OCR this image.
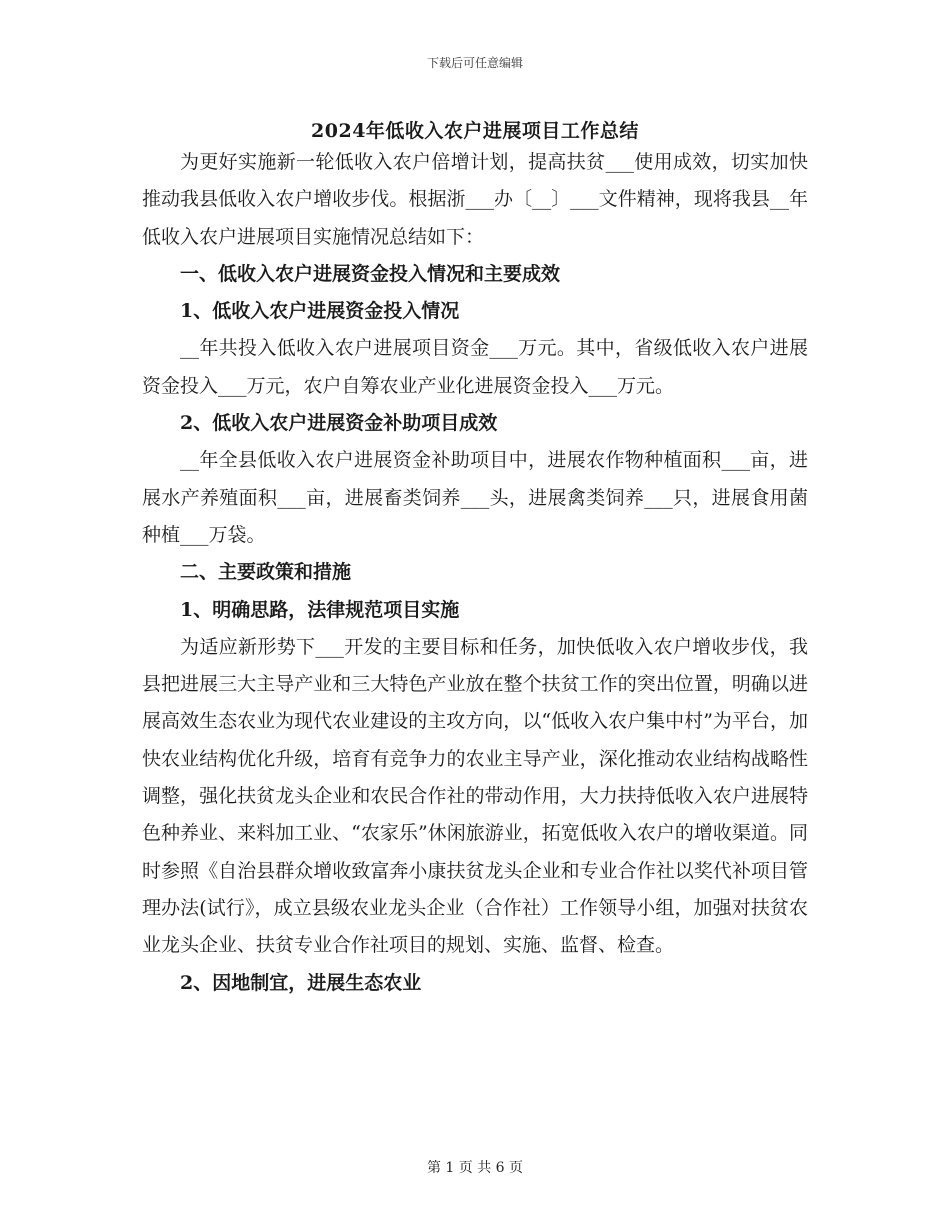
下载后可任意编辑
2024年低收入农户进展项目工作总结

为更好实施新一轮低收入农户倍增计划，提高扶贫___使用成效，切实加快推动我县低收入农户增收步伐。根据浙___办〔__〕___文件精神，现将我县__年低收入农户进展项目实施情况总结如下：

一、低收入农户进展资金投入情况和主要成效

1、低收入农户进展资金投入情况

__年共投入低收入农户进展项目资金___万元。其中，省级低收入农户进展资金投入___万元，农户自筹农业产业化进展资金投入___万元。

2、低收入农户进展资金补助项目成效

__年全县低收入农户进展资金补助项目中，进展农作物种植面积___亩，进展水产养殖面积___亩，进展畜类饲养___头，进展禽类饲养___只，进展食用菌种植___万袋。

二、主要政策和措施

1、明确思路，法律规范项目实施

为适应新形势下___开发的主要目标和任务，加快低收入农户增收步伐，我县把进展三大主导产业和三大特色产业放在整个扶贫工作的突出位置，明确以进展高效生态农业为现代农业建设的主攻方向，以“低收入农户集中村”为平台，加快农业结构优化升级，培育有竞争力的农业主导产业，深化推动农业结构战略性调整，强化扶贫龙头企业和农民合作社的带动作用，大力扶持低收入农户进展特色种养业、来料加工业、“农家乐”休闲旅游业，拓宽低收入农户的增收渠道。同时参照《自治县群众增收致富奔小康扶贫龙头企业和专业合作社以奖代补项目管理办法(试行》，成立县级农业龙头企业（合作社）工作领导小组，加强对扶贫农业龙头企业、扶贫专业合作社项目的规划、实施、监督、检查。

2、因地制宜，进展生态农业

第 1 页 共 6 页
